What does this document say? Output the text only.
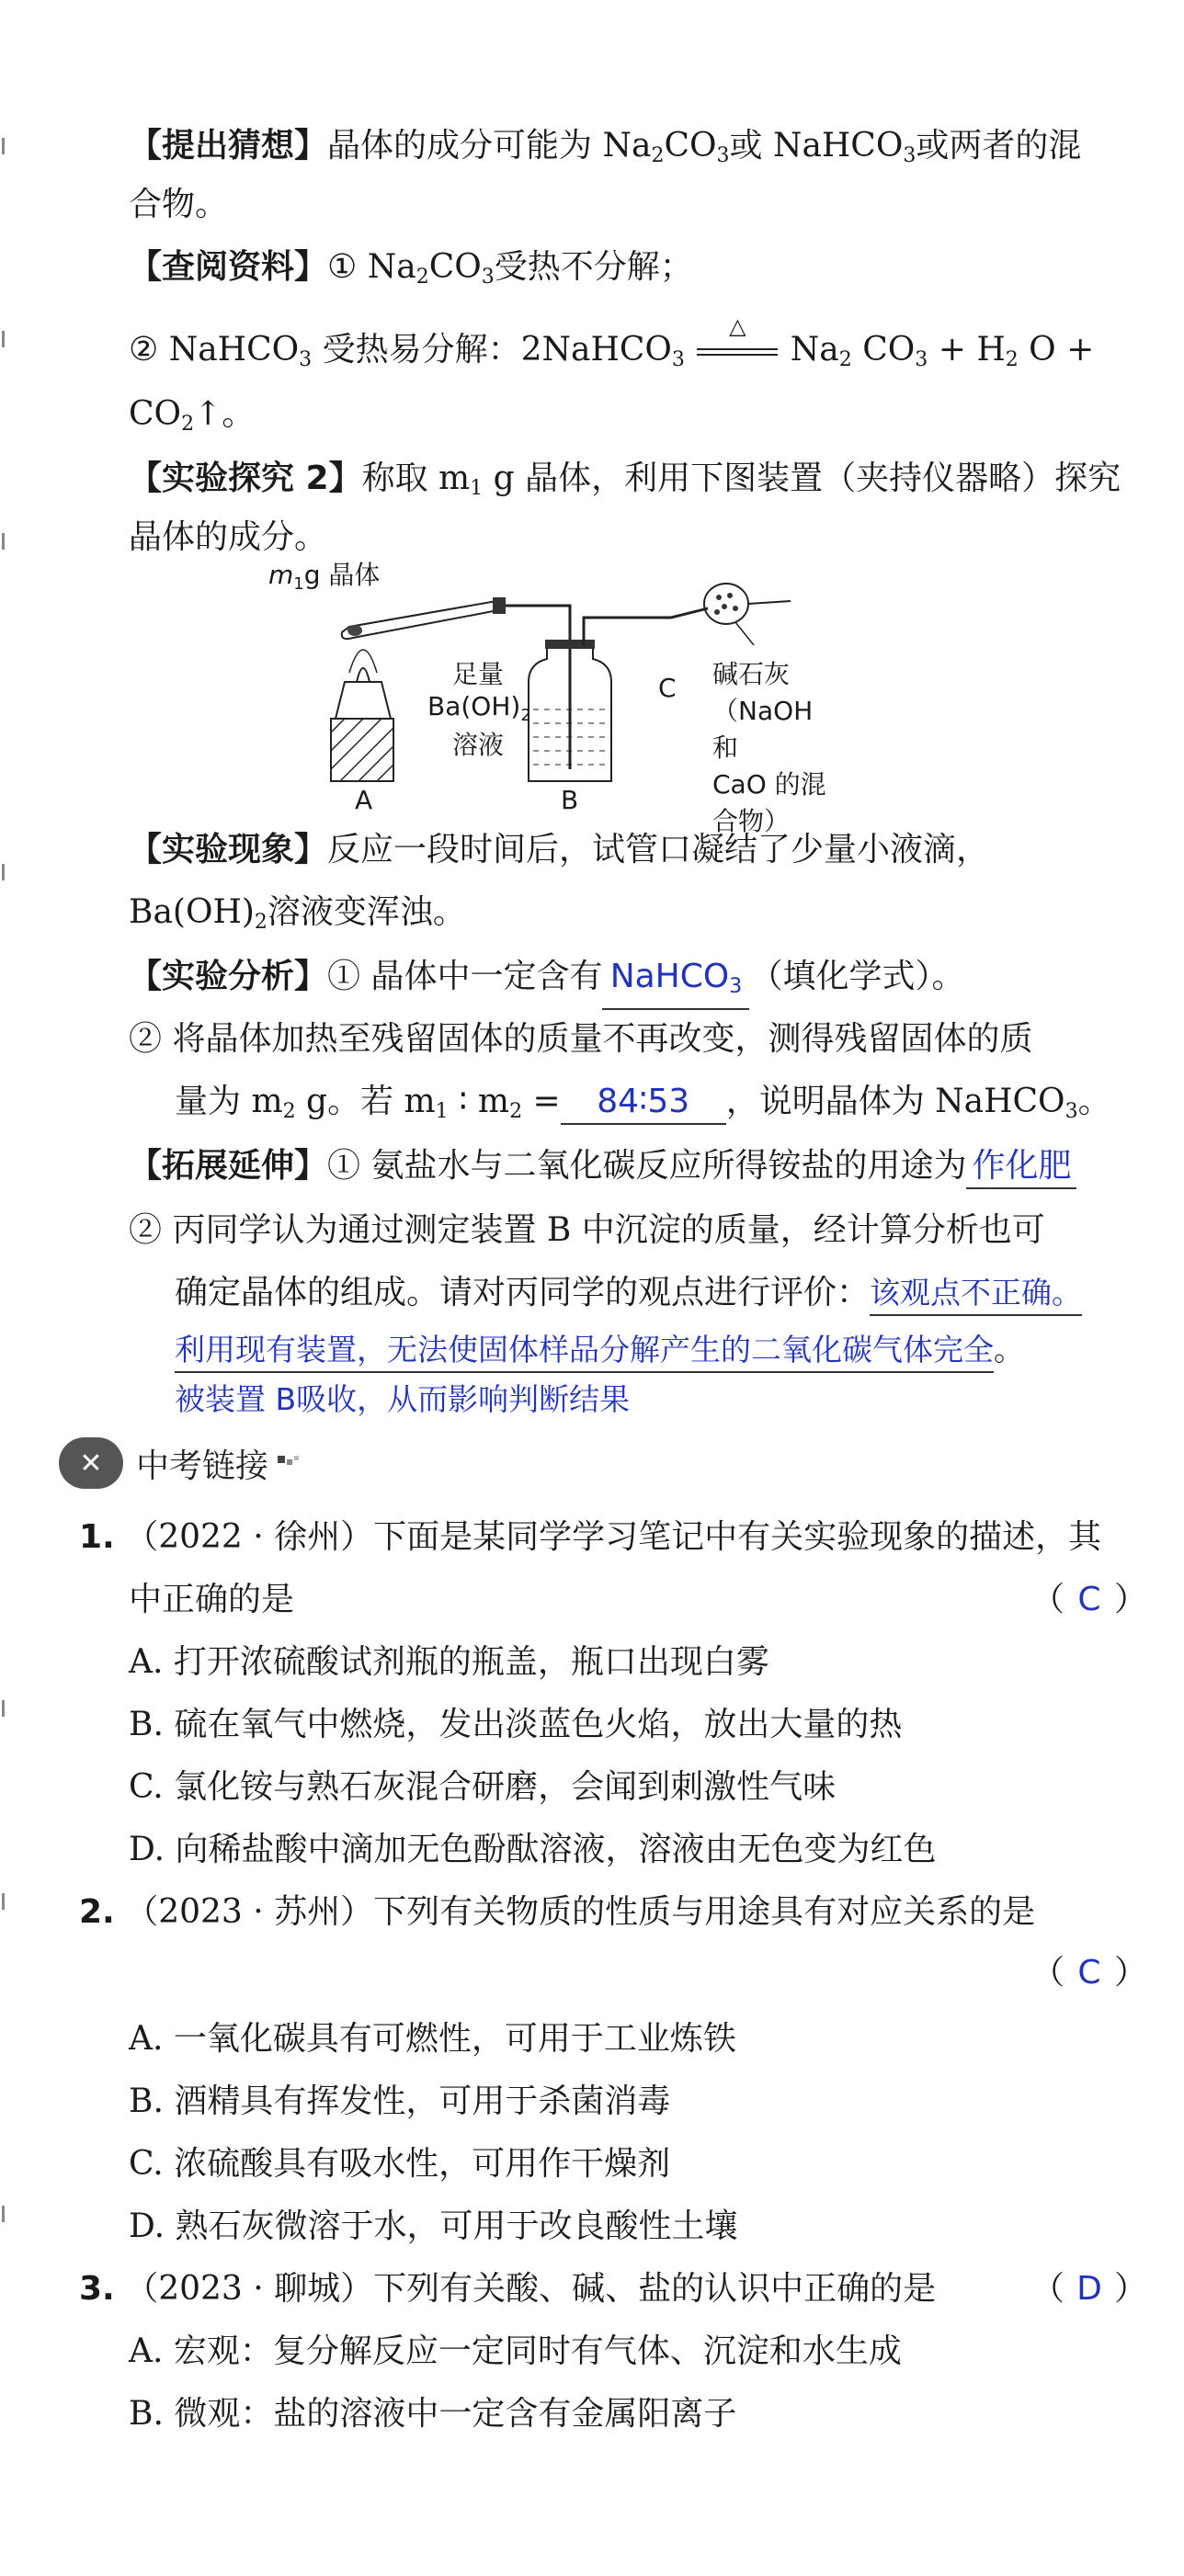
【提出猜想】晶体的成分可能为 $Na_2CO_3$或 NaHCO$_3$或两者的混
合物。
【查阅资料】① $Na_2CO_3$受热不分解；
② NaHCO$_3$ 受热易分解：2NaHCO$_3$
△
$Na_2$ $CO_3 + H_2$ O +
$CO_2↑$。
【实验探究 2】称取 $m_1$ g 晶体，利用下图装置（夹持仪器略）探究
晶体的成分。
$m_1g$ 晶体
足量
$Ba(OH)_2$
溶液
A	B
C 碱石灰（NaOH 和
CaO 的混合物）
【实验现象】反应一段时间后，试管口凝结了少量小液滴，
$Ba(OH)_2$溶液变浑浊。
【实验分析】① 晶体中一定含有 NaHCO$_3$ （填化学式）。
② 将晶体加热至残留固体的质量不再改变，测得残留固体的质
量为 $m_2$ g。若 $m_1$ ∶ $m_2$ = 84∶53 ，说明晶体为 NaHCO$_3$。
【拓展延伸】① 氨盐水与二氧化碳反应所得铵盐的用途为 作化肥
② 丙同学认为通过测定装置 B 中沉淀的质量，经计算分析也可
确定晶体的组成。请对丙同学的观点进行评价：该观点不正确。
利用现有装置，无法使固体样品分解产生的二氧化碳气体完全。
被装置 B吸收，从而影响判断结果
✕	中考链接
1. （2022 · 徐州）下面是某同学学习笔记中有关实验现象的描述，其
中正确的是	（ C ）
A. 打开浓硫酸试剂瓶的瓶盖，瓶口出现白雾
B. 硫在氧气中燃烧，发出淡蓝色火焰，放出大量的热
C. 氯化铵与熟石灰混合研磨，会闻到刺激性气味
D. 向稀盐酸中滴加无色酚酞溶液，溶液由无色变为红色
2. （2023 · 苏州）下列有关物质的性质与用途具有对应关系的是
（ C ）
A. 一氧化碳具有可燃性，可用于工业炼铁
B. 酒精具有挥发性，可用于杀菌消毒
C. 浓硫酸具有吸水性，可用作干燥剂
D. 熟石灰微溶于水，可用于改良酸性土壤
3. （2023 · 聊城）下列有关酸、碱、盐的认识中正确的是	（ D ）
A. 宏观：复分解反应一定同时有气体、沉淀和水生成
B. 微观：盐的溶液中一定含有金属阳离子
